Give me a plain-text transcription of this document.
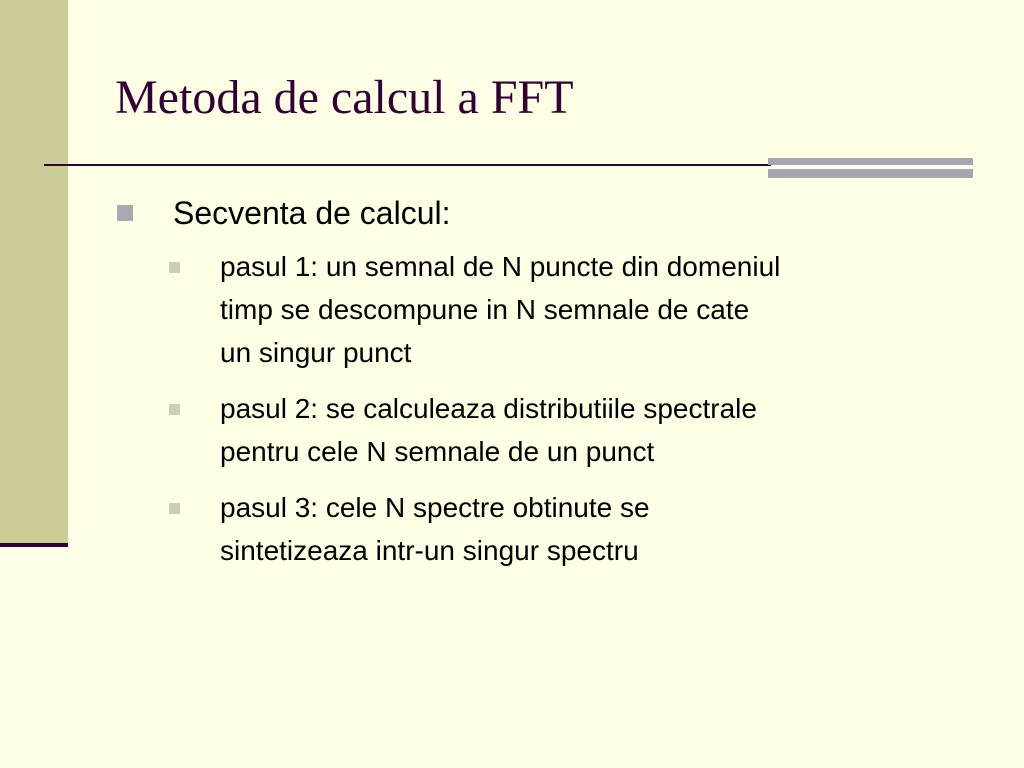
Metoda de calcul a FFT
Secventa de calcul:
pasul 1: un semnal de N puncte din domeniul
timp se descompune in N semnale de cate
un singur punct
pasul 2: se calculeaza distributiile spectrale
pentru cele N semnale de un punct
pasul 3: cele N spectre obtinute se
sintetizeaza intr-un singur spectru
